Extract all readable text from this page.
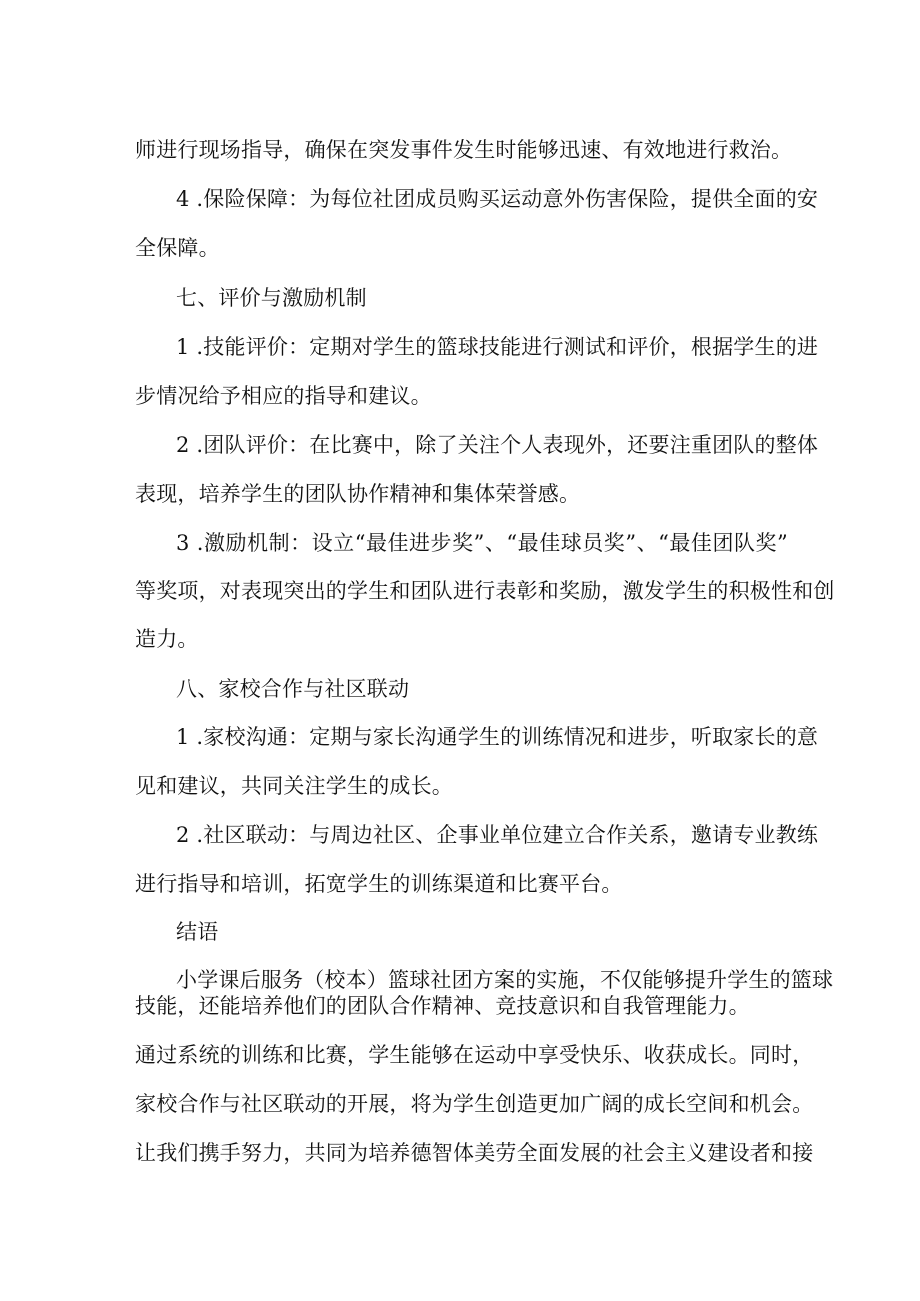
师进行现场指导，确保在突发事件发生时能够迅速、有效地进行救治。
4 .保险保障：为每位社团成员购买运动意外伤害保险，提供全面的安
全保障。
七、评价与激励机制
1 .技能评价：定期对学生的篮球技能进行测试和评价，根据学生的进
步情况给予相应的指导和建议。
2 .团队评价：在比赛中，除了关注个人表现外，还要注重团队的整体
表现，培养学生的团队协作精神和集体荣誉感。
3 .激励机制：设立“最佳进步奖”、“最佳球员奖”、“最佳团队奖”
等奖项，对表现突出的学生和团队进行表彰和奖励，激发学生的积极性和创
造力。
八、家校合作与社区联动
1 .家校沟通：定期与家长沟通学生的训练情况和进步，听取家长的意
见和建议，共同关注学生的成长。
2 .社区联动：与周边社区、企事业单位建立合作关系，邀请专业教练
进行指导和培训，拓宽学生的训练渠道和比赛平台。
结语
小学课后服务（校本）篮球社团方案的实施，不仅能够提升学生的篮球
技能，还能培养他们的团队合作精神、竞技意识和自我管理能力。
通过系统的训练和比赛，学生能够在运动中享受快乐、收获成长。同时，
家校合作与社区联动的开展，将为学生创造更加广阔的成长空间和机会。
让我们携手努力，共同为培养德智体美劳全面发展的社会主义建设者和接
